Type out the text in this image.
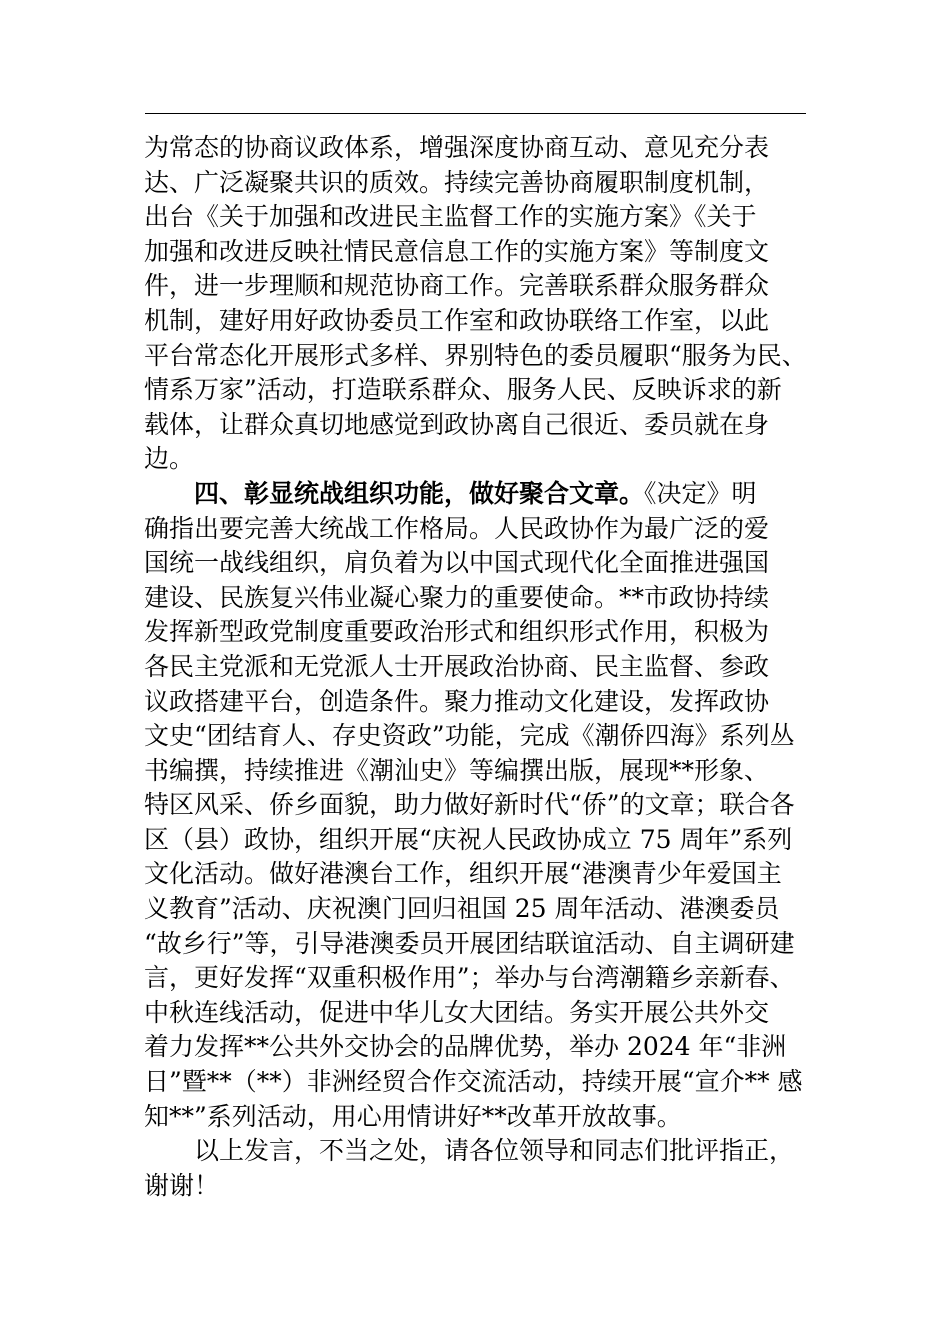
为常态的协商议政体系，增强深度协商互动、意见充分表
达、广泛凝聚共识的质效。持续完善协商履职制度机制，
出台《关于加强和改进民主监督工作的实施方案》《关于
加强和改进反映社情民意信息工作的实施方案》等制度文
件，进一步理顺和规范协商工作。完善联系群众服务群众
机制，建好用好政协委员工作室和政协联络工作室，以此
平台常态化开展形式多样、界别特色的委员履职“服务为民、
情系万家”活动，打造联系群众、服务人民、反映诉求的新
载体，让群众真切地感觉到政协离自己很近、委员就在身
边。
四、彰显统战组织功能，做好聚合文章。《决定》明
确指出要完善大统战工作格局。人民政协作为最广泛的爱
国统一战线组织，肩负着为以中国式现代化全面推进强国
建设、民族复兴伟业凝心聚力的重要使命。**市政协持续
发挥新型政党制度重要政治形式和组织形式作用，积极为
各民主党派和无党派人士开展政治协商、民主监督、参政
议政搭建平台，创造条件。聚力推动文化建设，发挥政协
文史“团结育人、存史资政”功能，完成《潮侨四海》系列丛
书编撰，持续推进《潮汕史》等编撰出版，展现**形象、
特区风采、侨乡面貌，助力做好新时代“侨”的文章；联合各
区（县）政协，组织开展“庆祝人民政协成立 75 周年”系列
文化活动。做好港澳台工作，组织开展“港澳青少年爱国主
义教育”活动、庆祝澳门回归祖国 25 周年活动、港澳委员
“故乡行”等，引导港澳委员开展团结联谊活动、自主调研建
言，更好发挥“双重积极作用”；举办与台湾潮籍乡亲新春、
中秋连线活动，促进中华儿女大团结。务实开展公共外交
着力发挥**公共外交协会的品牌优势，举办 2024 年“非洲
日”暨**（**）非洲经贸合作交流活动，持续开展“宣介** 感
知**”系列活动，用心用情讲好**改革开放故事。
以上发言，不当之处，请各位领导和同志们批评指正，
谢谢！
